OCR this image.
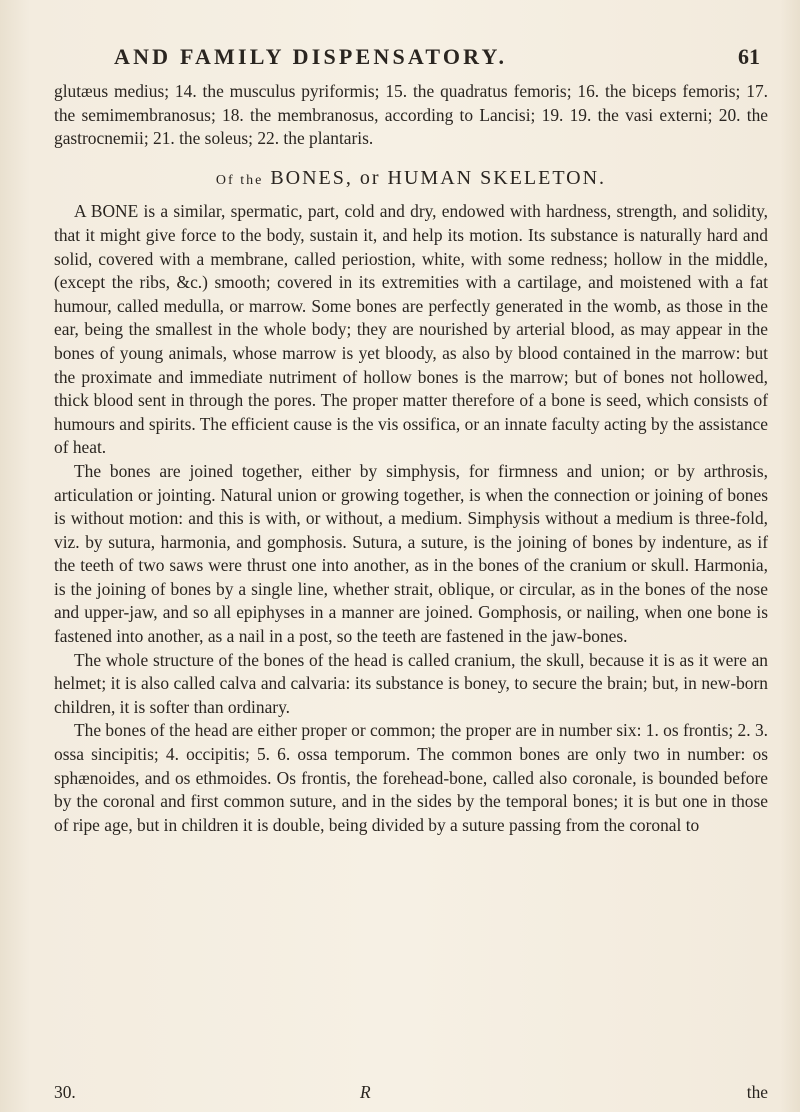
AND FAMILY DISPENSATORY.	61

glutæus medius; 14. the musculus pyriformis; 15. the quadratus femoris; 16. the biceps femoris; 17. the semimembranosus; 18. the membranosus, according to Lancisi; 19. 19. the vasi externi; 20. the gastrocnemii; 21. the soleus; 22. the plantaris.

Of the BONES, or HUMAN SKELETON.

A BONE is a similar, spermatic, part, cold and dry, endowed with hardness, strength, and solidity, that it might give force to the body, sustain it, and help its motion. Its substance is naturally hard and solid, covered with a membrane, called periostion, white, with some redness; hollow in the middle, (except the ribs, &c.) smooth; covered in its extremities with a cartilage, and moistened with a fat humour, called medulla, or marrow. Some bones are perfectly generated in the womb, as those in the ear, being the smallest in the whole body; they are nourished by arterial blood, as may appear in the bones of young animals, whose marrow is yet bloody, as also by blood contained in the marrow: but the proximate and immediate nutriment of hollow bones is the marrow; but of bones not hollowed, thick blood sent in through the pores. The proper matter therefore of a bone is seed, which consists of humours and spirits. The efficient cause is the vis ossifica, or an innate faculty acting by the assistance of heat.

The bones are joined together, either by simphysis, for firmness and union; or by arthrosis, articulation or jointing. Natural union or growing together, is when the connection or joining of bones is without motion: and this is with, or without, a medium. Simphysis without a medium is three-fold, viz. by sutura, harmonia, and gomphosis. Sutura, a suture, is the joining of bones by indenture, as if the teeth of two saws were thrust one into another, as in the bones of the cranium or skull. Harmonia, is the joining of bones by a single line, whether strait, oblique, or circular, as in the bones of the nose and upper-jaw, and so all epiphyses in a manner are joined. Gomphosis, or nailing, when one bone is fastened into another, as a nail in a post, so the teeth are fastened in the jaw-bones.

The whole structure of the bones of the head is called cranium, the skull, because it is as it were an helmet; it is also called calva and calvaria: its substance is boney, to secure the brain; but, in new-born children, it is softer than ordinary.

The bones of the head are either proper or common; the proper are in number six: 1. os frontis; 2. 3. ossa sincipitis; 4. occipitis; 5. 6. ossa temporum. The common bones are only two in number: os sphænoides, and os ethmoides. Os frontis, the forehead-bone, called also coronale, is bounded before by the coronal and first common suture, and in the sides by the temporal bones; it is but one in those of ripe age, but in children it is double, being divided by a suture passing from the coronal to

30.	R	the
